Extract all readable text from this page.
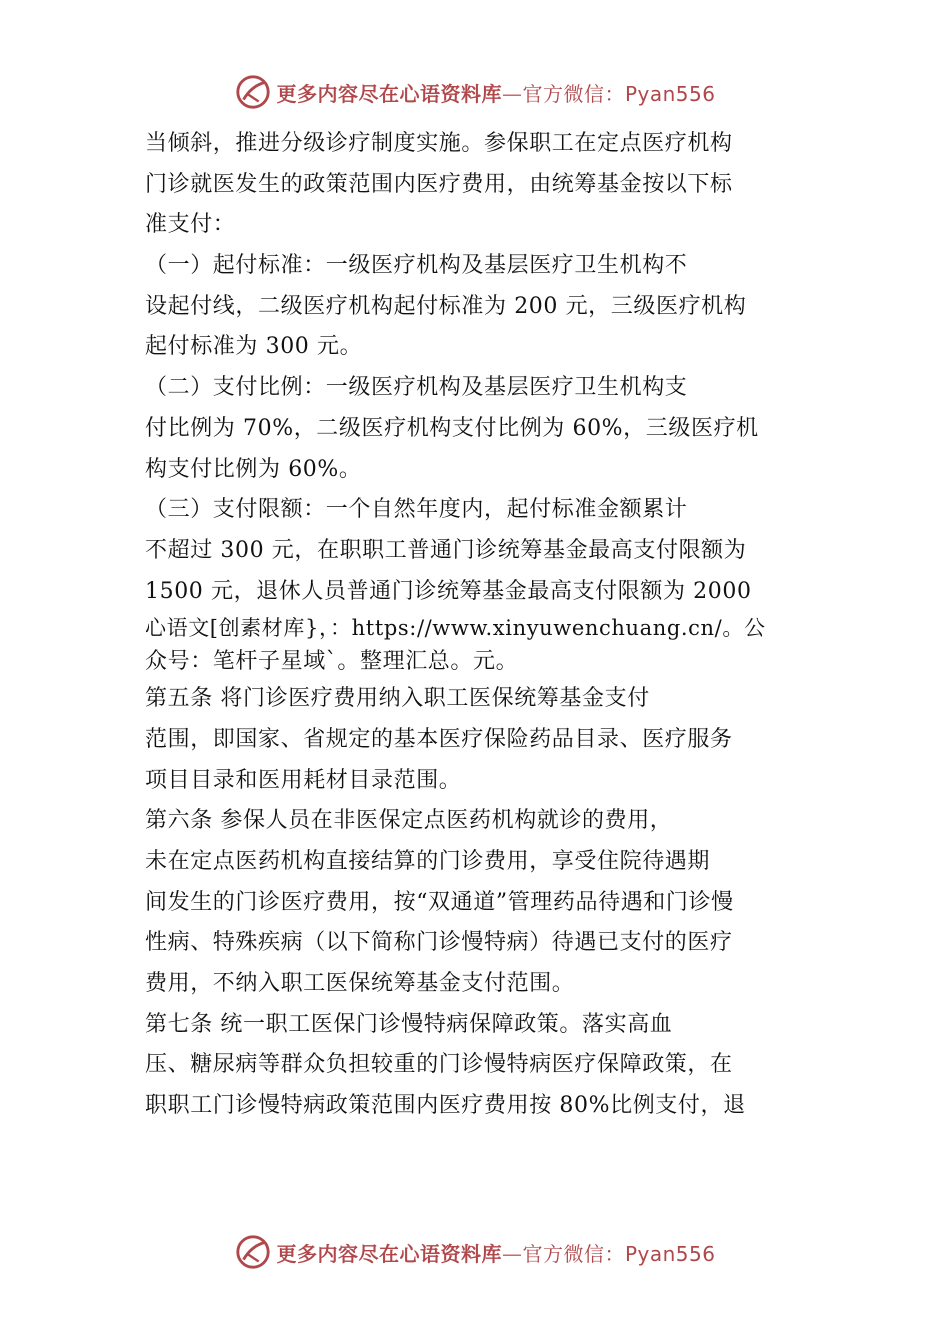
更多内容尽在心语资料库—官方微信：Pyan556
当倾斜，推进分级诊疗制度实施。参保职工在定点医疗机构
门诊就医发生的政策范围内医疗费用，由统筹基金按以下标
准支付：
（一）起付标准：一级医疗机构及基层医疗卫生机构不
设起付线，二级医疗机构起付标准为 200 元，三级医疗机构
起付标准为 300 元。
（二）支付比例：一级医疗机构及基层医疗卫生机构支
付比例为 70%，二级医疗机构支付比例为 60%，三级医疗机
构支付比例为 60%。
（三）支付限额：一个自然年度内，起付标准金额累计
不超过 300 元，在职职工普通门诊统筹基金最高支付限额为
1500 元，退休人员普通门诊统筹基金最高支付限额为 2000
心语文[创素材库}，：https://www.xinyuwenchuang.cn/。公
众号：笔杆子星域`。整理汇总。元。
第五条 将门诊医疗费用纳入职工医保统筹基金支付
范围，即国家、省规定的基本医疗保险药品目录、医疗服务
项目目录和医用耗材目录范围。
第六条 参保人员在非医保定点医药机构就诊的费用，
未在定点医药机构直接结算的门诊费用，享受住院待遇期
间发生的门诊医疗费用，按“双通道”管理药品待遇和门诊慢
性病、特殊疾病（以下简称门诊慢特病）待遇已支付的医疗
费用，不纳入职工医保统筹基金支付范围。
第七条 统一职工医保门诊慢特病保障政策。落实高血
压、糖尿病等群众负担较重的门诊慢特病医疗保障政策，在
职职工门诊慢特病政策范围内医疗费用按 80%比例支付，退
更多内容尽在心语资料库—官方微信：Pyan556
